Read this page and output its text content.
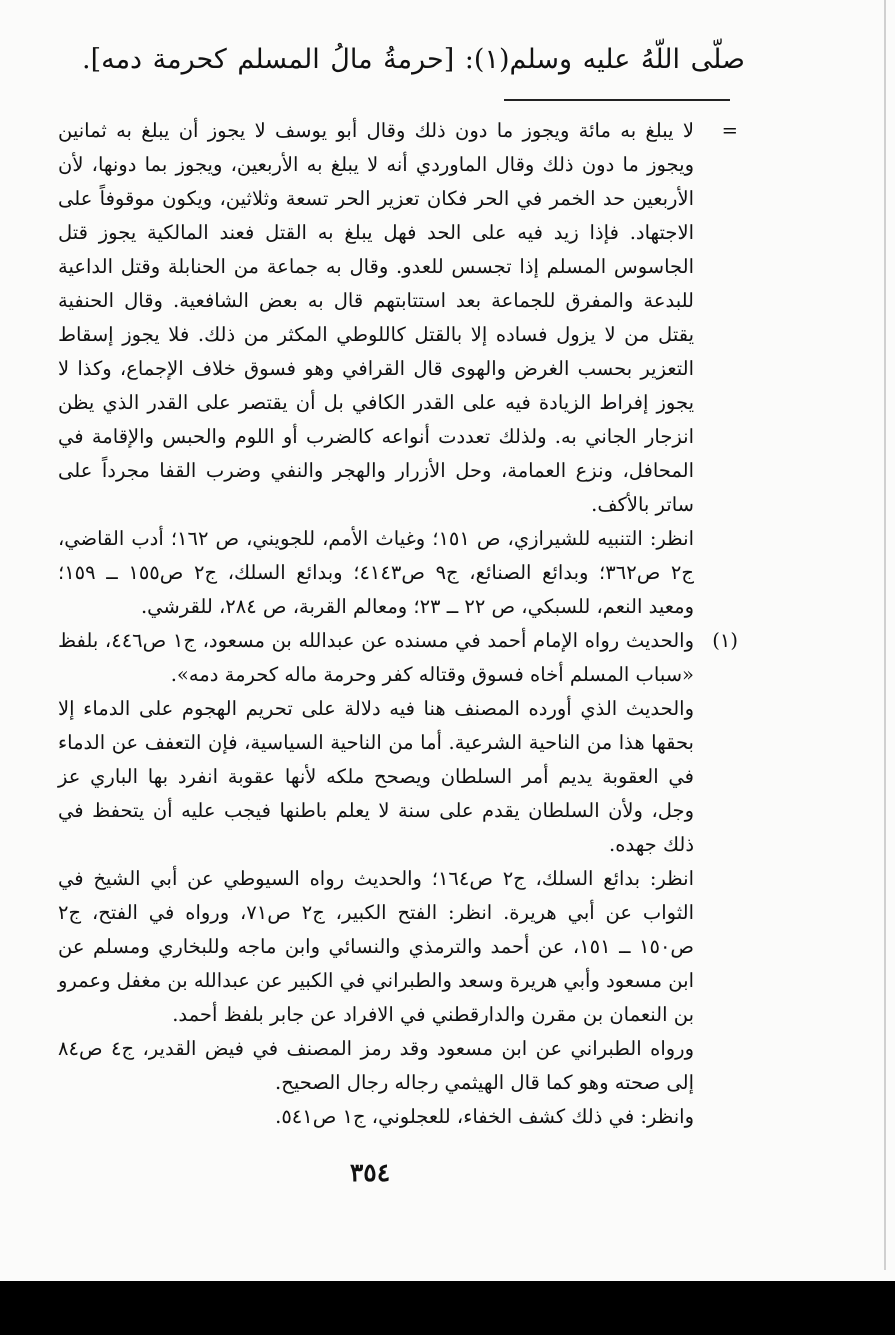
صلّى اللّهُ عليه وسلم(١): [حرمةُ مالُ المسلم كحرمة دمه].
=

لا يبلغ به مائة ويجوز ما دون ذلك وقال أبو يوسف لا يجوز أن يبلغ به ثمانين ويجوز ما دون ذلك وقال الماوردي أنه لا يبلغ به الأربعين، ويجوز بما دونها، لأن الأربعين حد الخمر في الحر فكان تعزير الحر تسعة وثلاثين، ويكون موقوفاً على الاجتهاد. فإذا زيد فيه على الحد فهل يبلغ به القتل فعند المالكية يجوز قتل الجاسوس المسلم إذا تجسس للعدو. وقال به جماعة من الحنابلة وقتل الداعية للبدعة والمفرق للجماعة بعد استتابتهم قال به بعض الشافعية. وقال الحنفية يقتل من لا يزول فساده إلا بالقتل كاللوطي المكثر من ذلك. فلا يجوز إسقاط التعزير بحسب الغرض والهوى قال القرافي وهو فسوق خلاف الإجماع، وكذا لا يجوز إفراط الزيادة فيه على القدر الكافي بل أن يقتصر على القدر الذي يظن انزجار الجاني به. ولذلك تعددت أنواعه كالضرب أو اللوم والحبس والإقامة في المحافل، ونزع العمامة، وحل الأزرار والهجر والنفي وضرب القفا مجرداً على ساتر بالأكف.

انظر: التنبيه للشيرازي، ص ١٥١؛ وغياث الأمم، للجويني، ص ١٦٢؛ أدب القاضي، ج٢ ص٣٦٢؛ وبدائع الصنائع، ج٩ ص٤١٤٣؛ وبدائع السلك، ج٢ ص١٥٥ ــ ١٥٩؛ ومعيد النعم، للسبكي، ص ٢٢ ــ ٢٣؛ ومعالم القربة، ص ٢٨٤، للقرشي.

(١)

والحديث رواه الإمام أحمد في مسنده عن عبدالله بن مسعود، ج١ ص٤٤٦، بلفظ «سباب المسلم أخاه فسوق وقتاله كفر وحرمة ماله كحرمة دمه».

والحديث الذي أورده المصنف هنا فيه دلالة على تحريم الهجوم على الدماء إلا بحقها هذا من الناحية الشرعية. أما من الناحية السياسية، فإن التعفف عن الدماء في العقوبة يديم أمر السلطان ويصحح ملكه لأنها عقوبة انفرد بها الباري عز وجل، ولأن السلطان يقدم على سنة لا يعلم باطنها فيجب عليه أن يتحفظ في ذلك جهده.

انظر: بدائع السلك، ج٢ ص١٦٤؛ والحديث رواه السيوطي عن أبي الشيخ في الثواب عن أبي هريرة. انظر: الفتح الكبير، ج٢ ص٧١، ورواه في الفتح، ج٢ ص١٥٠ ــ ١٥١، عن أحمد والترمذي والنسائي وابن ماجه وللبخاري ومسلم عن ابن مسعود وأبي هريرة وسعد والطبراني في الكبير عن عبدالله بن مغفل وعمرو بن النعمان بن مقرن والدارقطني في الافراد عن جابر بلفظ أحمد.

ورواه الطبراني عن ابن مسعود وقد رمز المصنف في فيض القدير، ج٤ ص٨٤ إلى صحته وهو كما قال الهيثمي رجاله رجال الصحيح.

وانظر: في ذلك كشف الخفاء، للعجلوني، ج١ ص٥٤١.

٣٥٤
